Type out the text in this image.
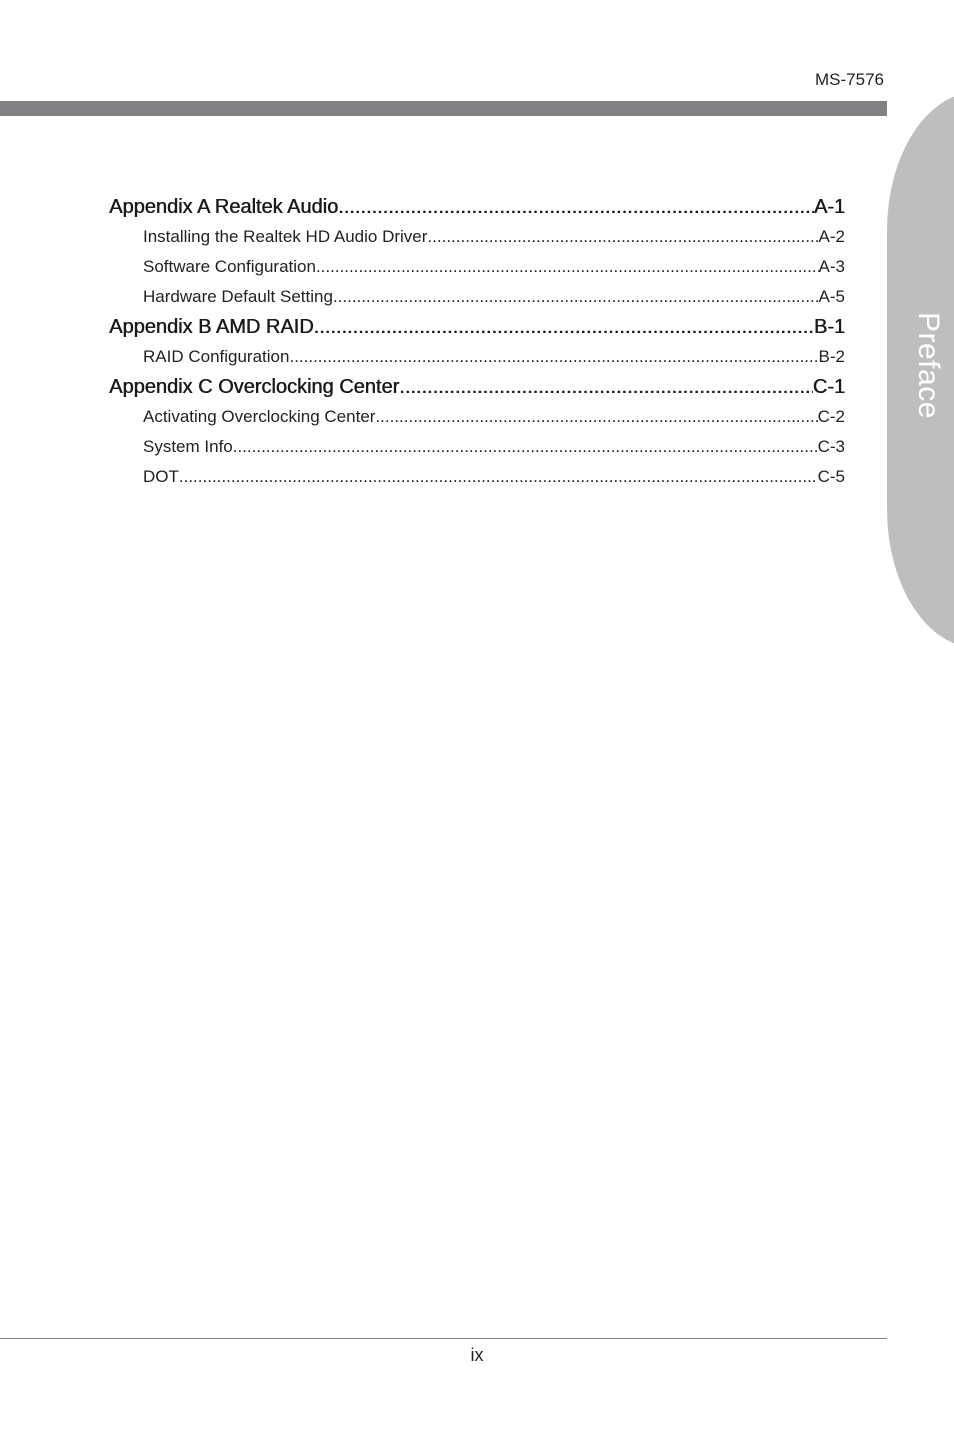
MS-7576
Preface
Appendix A Realtek Audio .....	A-1
Installing the Realtek HD Audio Driver .....	A-2
Software Configuration .....	A-3
Hardware Default Setting .....	A-5
Appendix B AMD RAID .....	B-1
RAID Configuration .....	B-2
Appendix C Overclocking Center .....	C-1
Activating Overclocking Center .....	C-2
System Info .....	C-3
DOT .....	C-5
ix
